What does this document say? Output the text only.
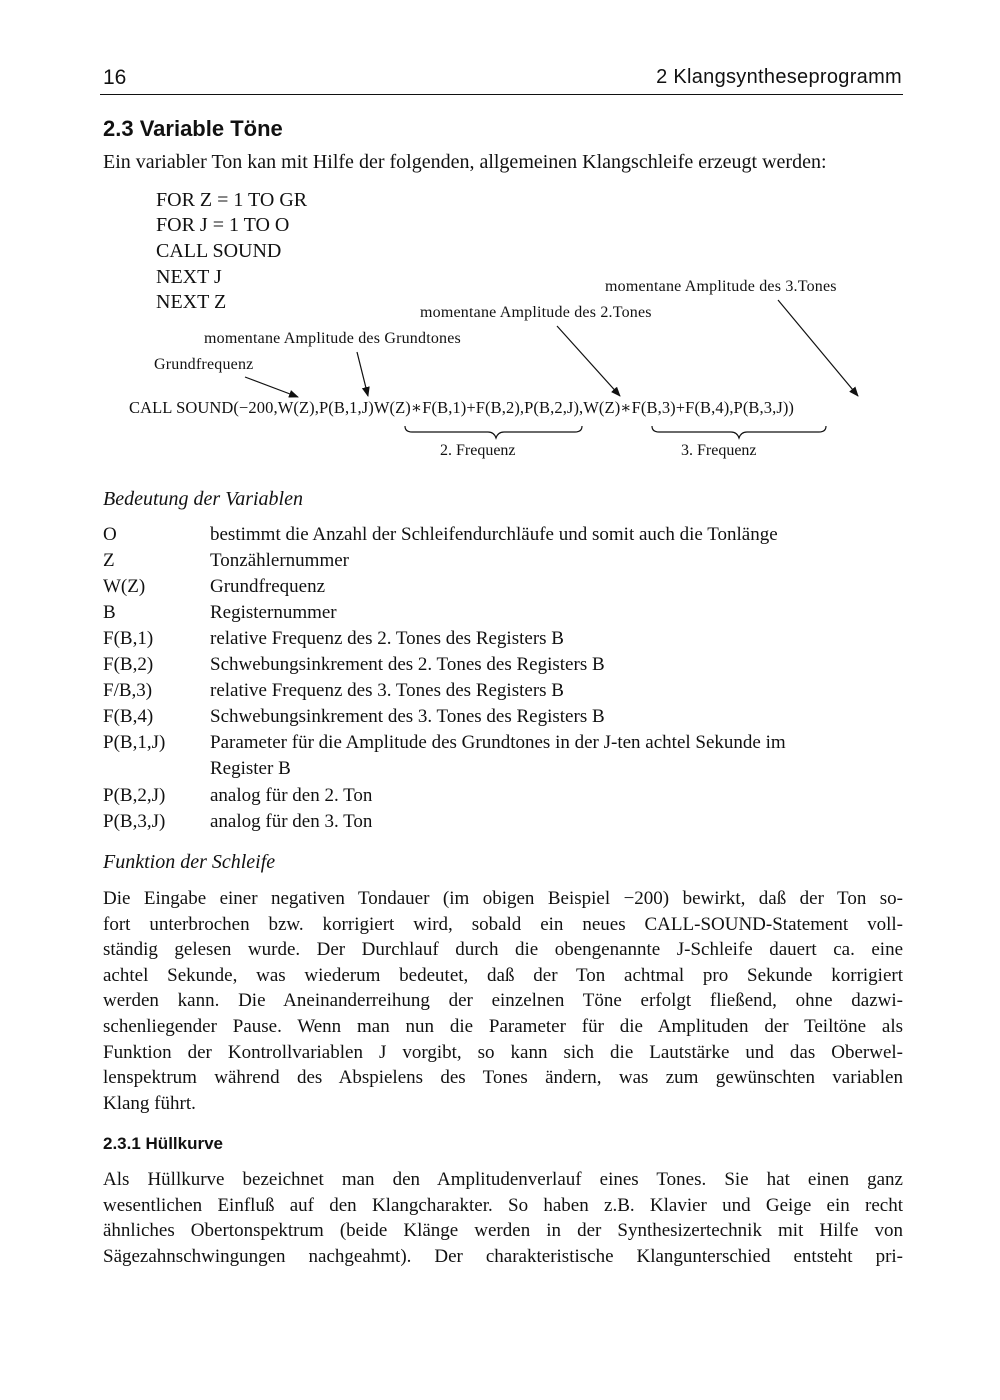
16	2 Klangsyntheseprogramm
2.3 Variable Töne
Ein variabler Ton kan mit Hilfe der folgenden, allgemeinen Klangschleife erzeugt werden:
FOR Z = 1 TO GR
FOR J = 1 TO O
CALL SOUND
NEXT J
NEXT Z
momentane Amplitude des 3.Tones
momentane Amplitude des 2.Tones
momentane Amplitude des Grundtones
Grundfrequenz
CALL SOUND(−200,W(Z),P(B,1,J)W(Z)∗F(B,1)+F(B,2),P(B,2,J),W(Z)∗F(B,3)+F(B,4),P(B,3,J))
2. Frequenz	3. Frequenz
Bedeutung der Variablen
O	bestimmt die Anzahl der Schleifendurchläufe und somit auch die Tonlänge
Z	Tonzählernummer
W(Z)	Grundfrequenz
B	Registernummer
F(B,1)	relative Frequenz des 2. Tones des Registers B
F(B,2)	Schwebungsinkrement des 2. Tones des Registers B
F/B,3)	relative Frequenz des 3. Tones des Registers B
F(B,4)	Schwebungsinkrement des 3. Tones des Registers B
P(B,1,J) Parameter für die Amplitude des Grundtones in der J-ten achtel Sekunde im
Register B
P(B,2,J) analog für den 2. Ton
P(B,3,J) analog für den 3. Ton
Funktion der Schleife
Die Eingabe einer negativen Tondauer (im obigen Beispiel −200) bewirkt, daß der Ton so-
fort unterbrochen bzw. korrigiert wird, sobald ein neues CALL-SOUND-Statement voll-
ständig gelesen wurde. Der Durchlauf durch die obengenannte J-Schleife dauert ca. eine
achtel Sekunde, was wiederum bedeutet, daß der Ton achtmal pro Sekunde korrigiert
werden kann. Die Aneinanderreihung der einzelnen Töne erfolgt fließend, ohne dazwi-
schenliegender Pause. Wenn man nun die Parameter für die Amplituden der Teiltöne als
Funktion der Kontrollvariablen J vorgibt, so kann sich die Lautstärke und das Oberwel-
lenspektrum während des Abspielens des Tones ändern, was zum gewünschten variablen
Klang führt.
2.3.1 Hüllkurve
Als Hüllkurve bezeichnet man den Amplitudenverlauf eines Tones. Sie hat einen ganz
wesentlichen Einfluß auf den Klangcharakter. So haben z.B. Klavier und Geige ein recht
ähnliches Obertonspektrum (beide Klänge werden in der Synthesizertechnik mit Hilfe von
Sägezahnschwingungen nachgeahmt). Der charakteristische Klangunterschied entsteht pri-
